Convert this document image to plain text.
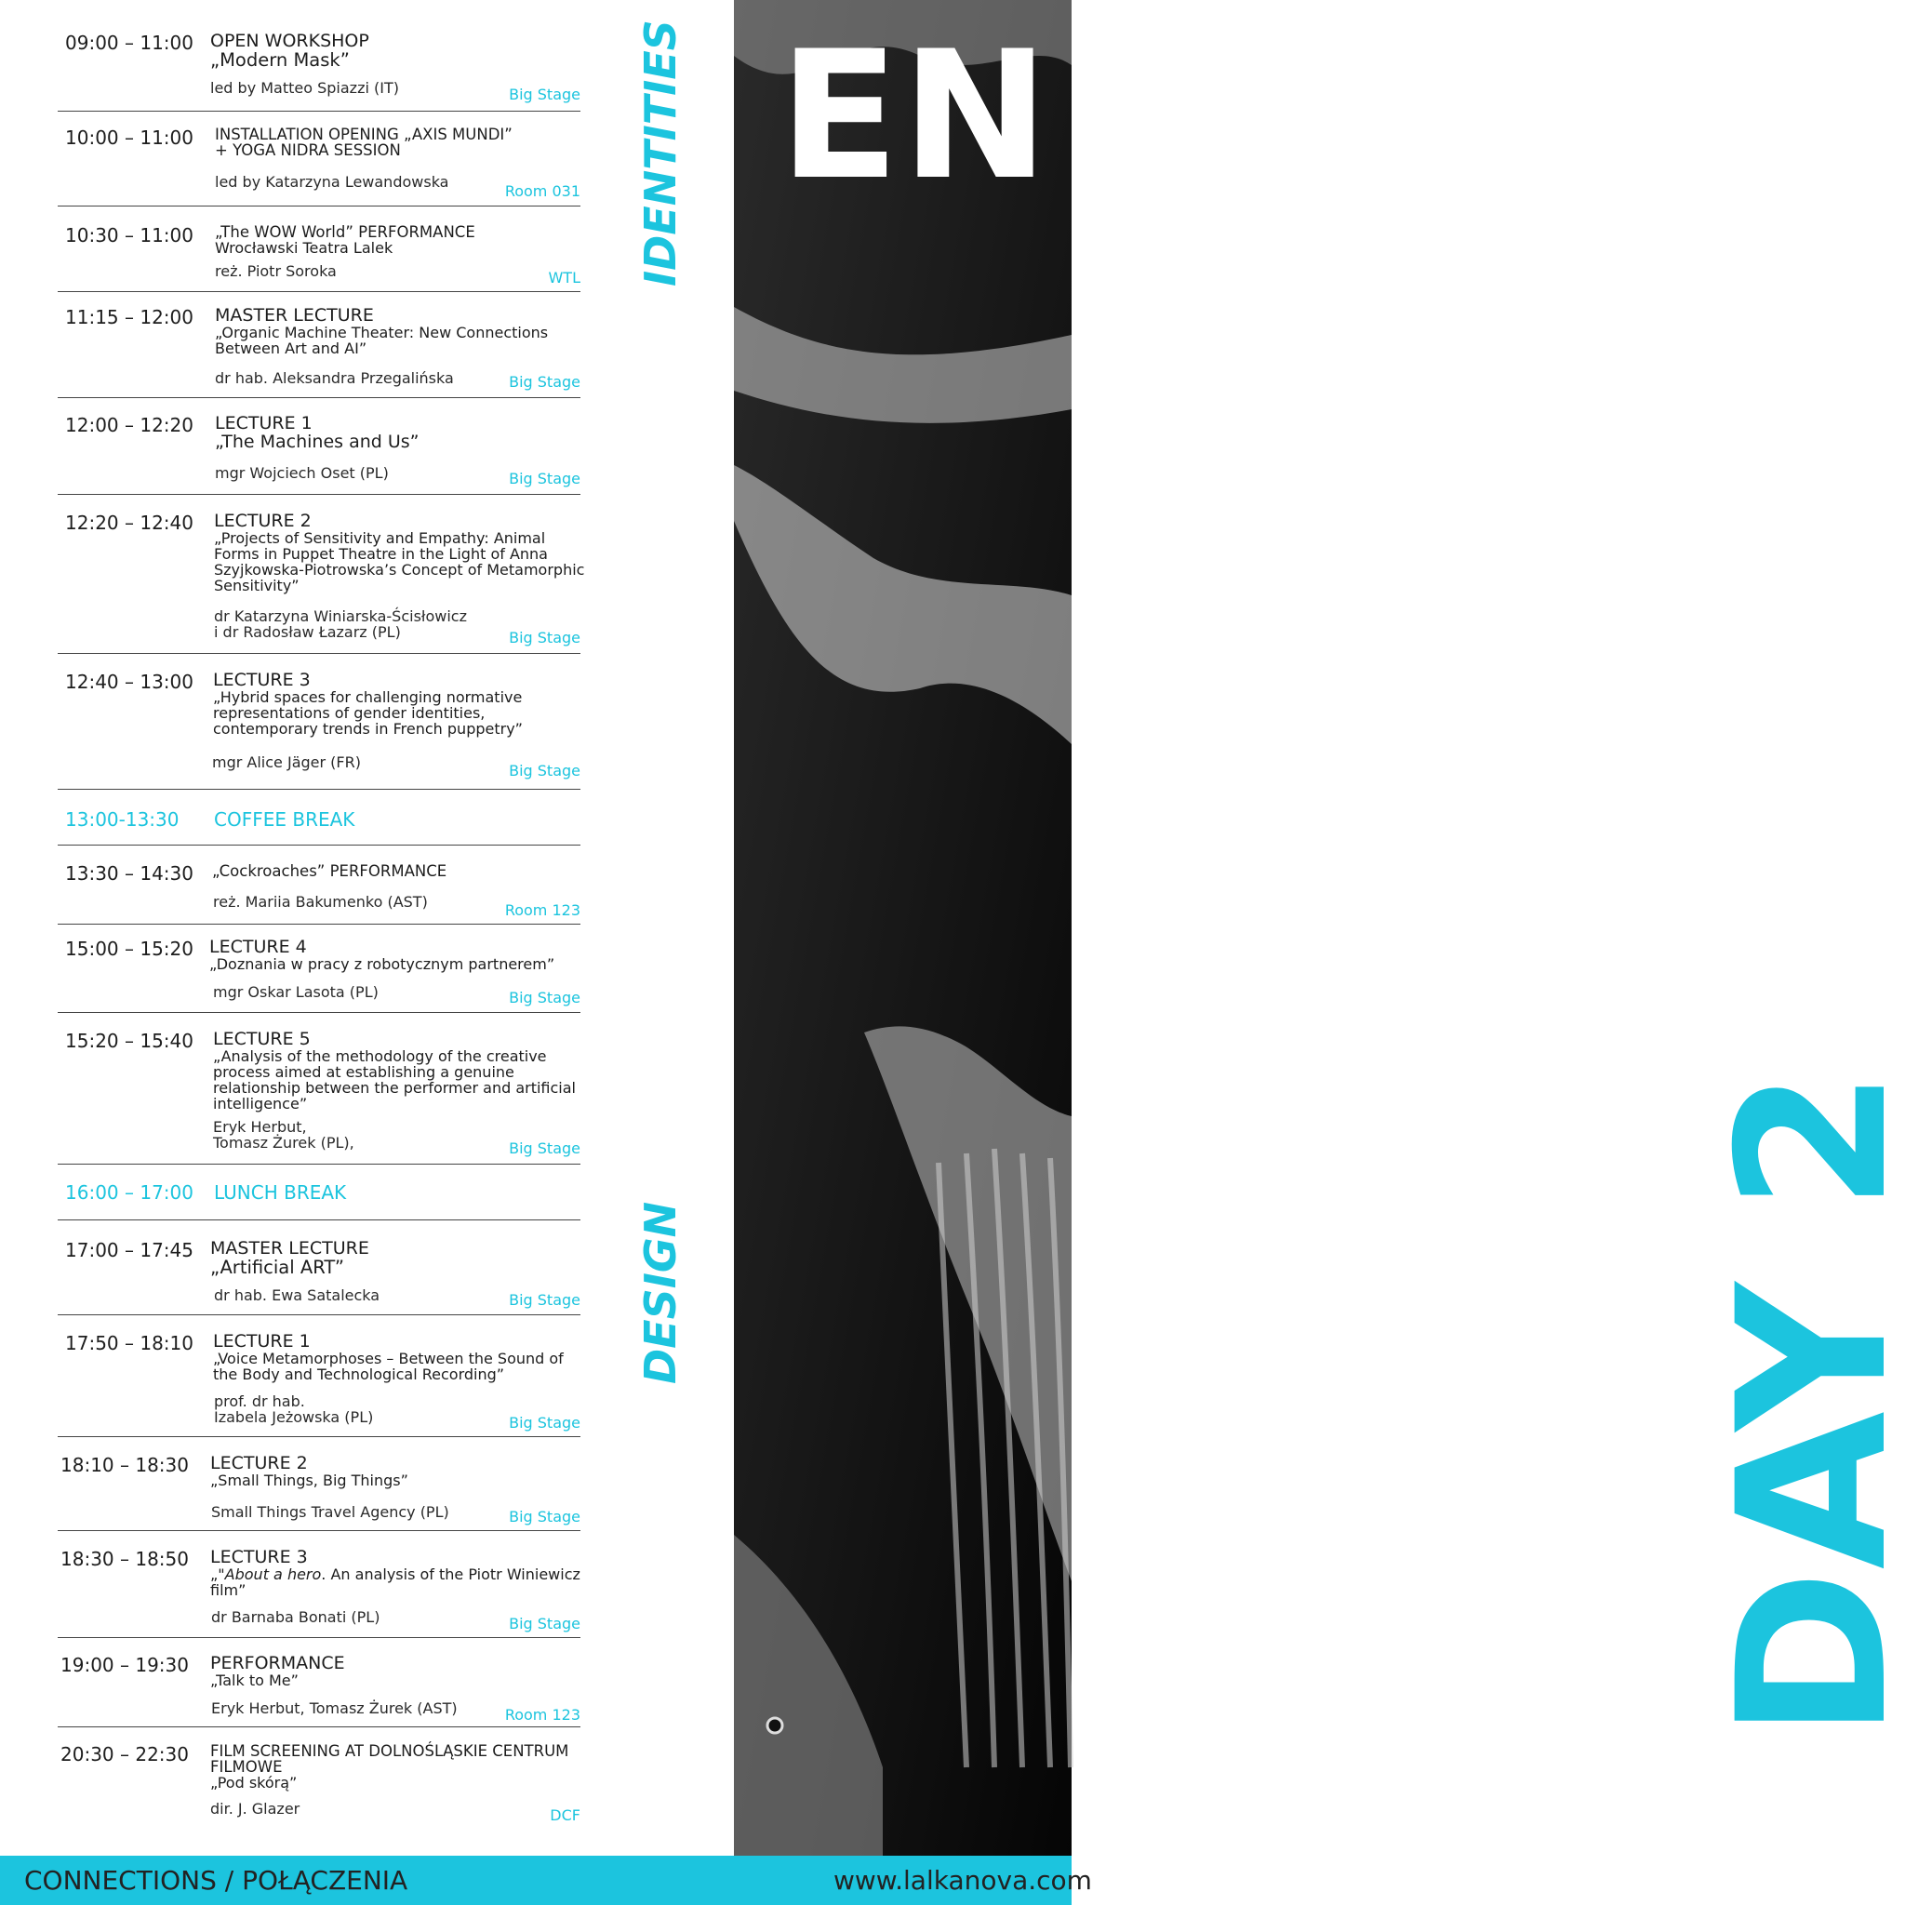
EN
DAY 2
IDENTITIES
DESIGN
09:00 – 11:00 OPEN WORKSHOP
„Modern Mask”
led by Matteo Spiazzi (IT)	Big Stage
10:00 – 11:00 INSTALLATION OPENING „AXIS MUNDI”
+ YOGA NIDRA SESSION
led by Katarzyna Lewandowska
Room 031
10:30 – 11:00 „The WOW World” PERFORMANCE
Wrocławski Teatra Lalek
reż. Piotr Soroka	WTL
11:15 – 12:00 MASTER LECTURE
„Organic Machine Theater: New Connections Between Art and AI”
dr hab. Aleksandra Przegalińska	Big Stage
12:00 – 12:20 LECTURE 1
„The Machines and Us”
mgr Wojciech Oset (PL)	Big Stage
12:20 – 12:40 LECTURE 2
„Projects of Sensitivity and Empathy: Animal Forms in Puppet Theatre in the Light of Anna Szyjkowska-Piotrowska’s Concept of Metamorphic Sensitivity”
dr Katarzyna Winiarska-Ścisłowicz
i dr Radosław Łazarz (PL)	Big Stage
12:40 – 13:00 LECTURE 3
„Hybrid spaces for challenging normative representations of gender identities, contemporary trends in French puppetry”
mgr Alice Jäger (FR)	Big Stage
13:00-13:30 COFFEE BREAK
13:30 – 14:30 „Cockroaches” PERFORMANCE
reż. Mariia Bakumenko (AST)	Room 123
15:00 – 15:20 LECTURE 4
„Doznania w pracy z robotycznym partnerem”
mgr Oskar Lasota (PL)	Big Stage
15:20 – 15:40 LECTURE 5
„Analysis of the methodology of the creative process aimed at establishing a genuine relationship between the performer and artificial intelligence”
Eryk Herbut,
Tomasz Żurek (PL),	Big Stage
16:00 – 17:00 LUNCH BREAK
17:00 – 17:45 MASTER LECTURE
„Artificial ART”
dr hab. Ewa Satalecka	Big Stage
17:50 – 18:10 LECTURE 1
„Voice Metamorphoses – Between the Sound of the Body and Technological Recording”
prof. dr hab.
Izabela Jeżowska (PL)	Big Stage
18:10 – 18:30 LECTURE 2
„Small Things, Big Things”
Small Things Travel Agency (PL)	Big Stage
18:30 – 18:50 LECTURE 3
„"About a hero. An analysis of the Piotr Winiewicz film”
dr Barnaba Bonati (PL)	Big Stage
19:00 – 19:30 PERFORMANCE
„Talk to Me”
Eryk Herbut, Tomasz Żurek (AST)	Room 123
20:30 – 22:30 FILM SCREENING AT DOLNOŚLĄSKIE CENTRUM FILMOWE
„Pod skórą”
dir. J. Glazer	DCF
CONNECTIONS / POŁĄCZENIA	www.lalkanova.com
